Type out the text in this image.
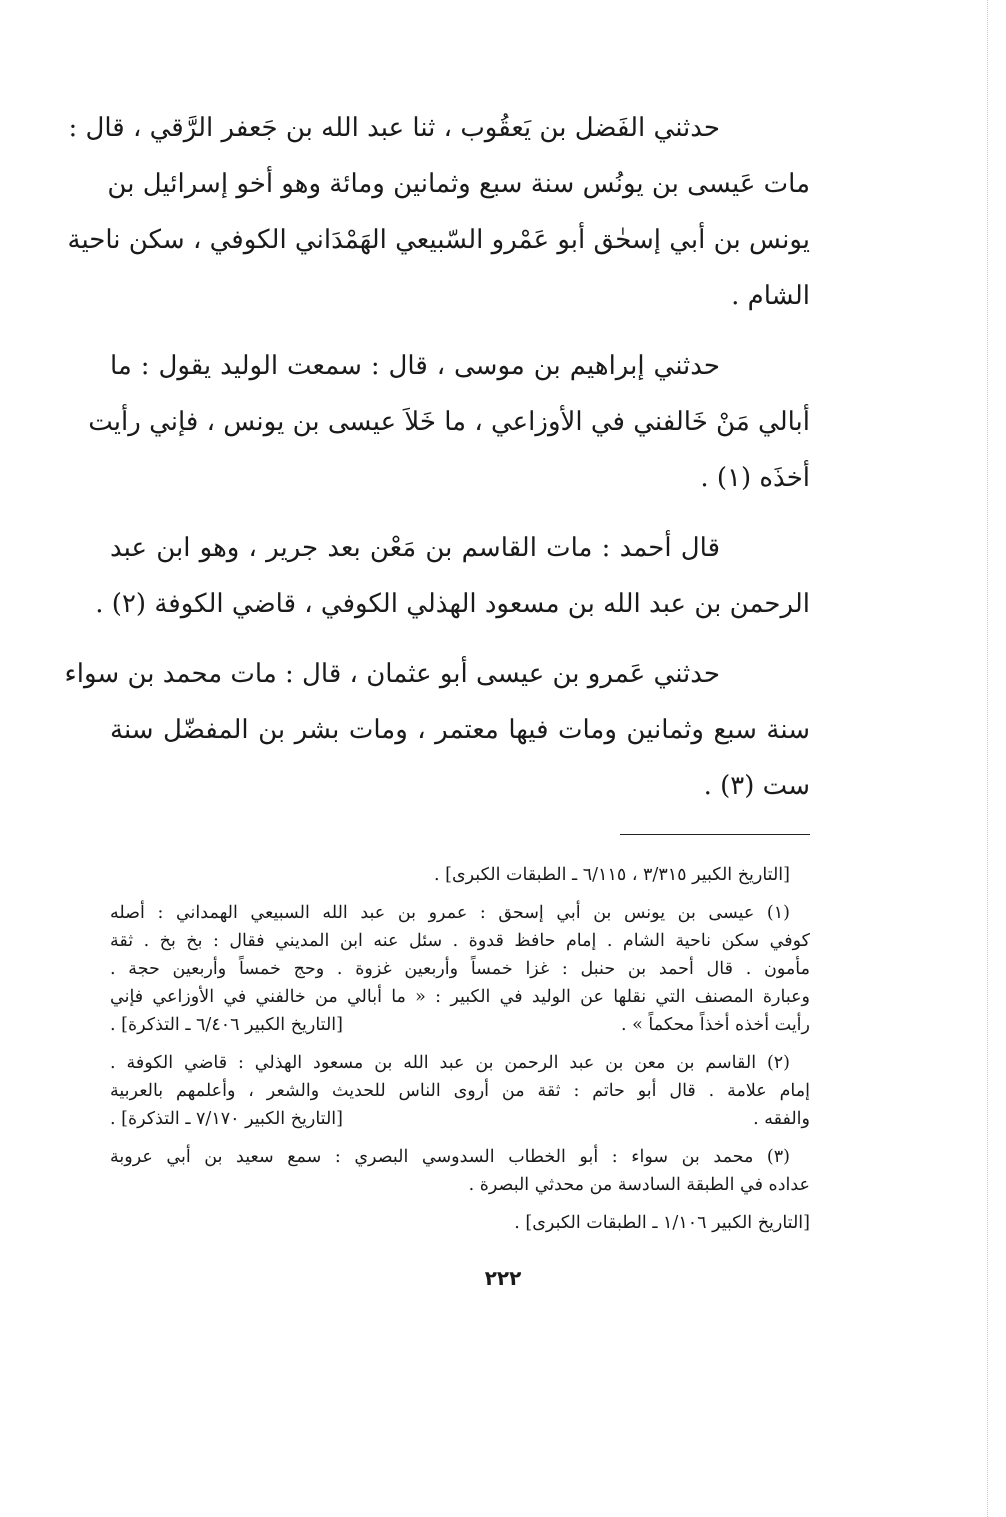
حدثني الفَضل بن يَعقُوب ، ثنا عبد الله بن جَعفر الرَّقي ، قال :
مات عَيسى بن يونُس سنة سبع وثمانين ومائة وهو أخو إسرائيل بن
يونس بن أبي إسحٰق أبو عَمْرو السّبيعي الهَمْدَاني الكوفي ، سكن ناحية
الشام .
حدثني إبراهيم بن موسى ، قال : سمعت الوليد يقول : ما
أبالي مَنْ خَالفني في الأوزاعي ، ما خَلاَ عيسى بن يونس ، فإني رأيت
أخذَه (١) .
قال أحمد : مات القاسم بن مَعْن بعد جرير ، وهو ابن عبد
الرحمن بن عبد الله بن مسعود الهذلي الكوفي ، قاضي الكوفة (٢) .
حدثني عَمرو بن عيسى أبو عثمان ، قال : مات محمد بن سواء
سنة سبع وثمانين ومات فيها معتمر ، ومات بشر بن المفضّل سنة
ست (٣) .
[التاريخ الكبير ٣/٣١٥ ، ٦/١١٥ ـ الطبقات الكبرى] .
(١) عيسى بن يونس بن أبي إسحق : عمرو بن عبد الله السبيعي الهمداني : أصله
كوفي سكن ناحية الشام . إمام حافظ قدوة . سئل عنه ابن المديني فقال : بخ بخ . ثقة
مأمون . قال أحمد بن حنبل : غزا خمساً وأربعين غزوة . وحج خمساً وأربعين حجة .
وعبارة المصنف التي نقلها عن الوليد في الكبير : « ما أبالي من خالفني في الأوزاعي فإني
رأيت أخذه أخذاً محكماً » .
[التاريخ الكبير ٦/٤٠٦ ـ التذكرة] .
(٢) القاسم بن معن بن عبد الرحمن بن عبد الله بن مسعود الهذلي : قاضي الكوفة .
إمام علامة . قال أبو حاتم : ثقة من أروى الناس للحديث والشعر ، وأعلمهم بالعربية
والفقه .
[التاريخ الكبير ٧/١٧٠ ـ التذكرة] .
(٣) محمد بن سواء : أبو الخطاب السدوسي البصري : سمع سعيد بن أبي عروبة
عداده في الطبقة السادسة من محدثي البصرة .
[التاريخ الكبير ١/١٠٦ ـ الطبقات الكبرى] .
٢٢٢
